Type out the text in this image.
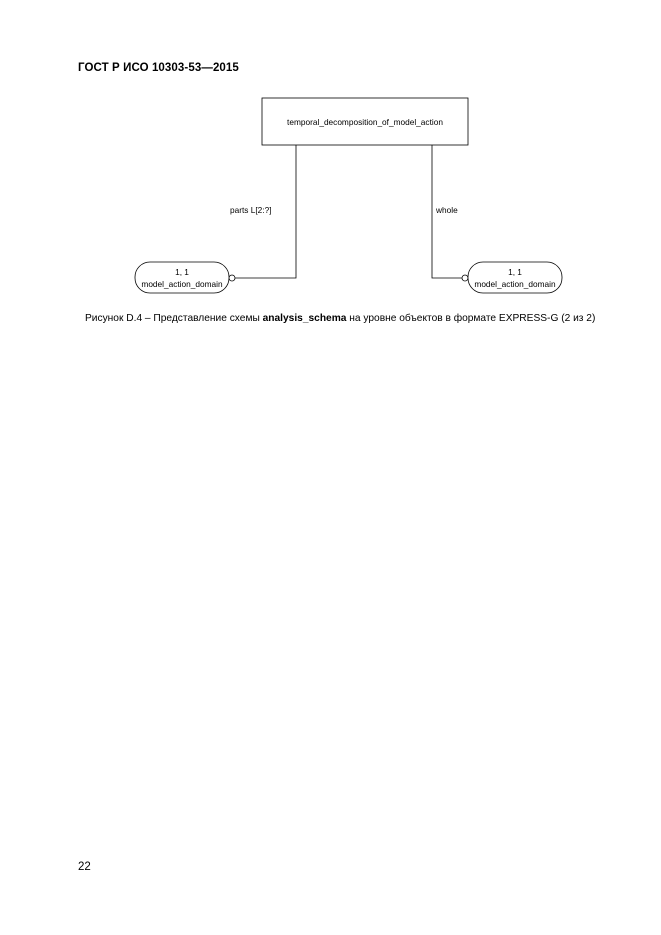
ГОСТ Р ИСО 10303-53—2015
temporal_decomposition_of_model_action
parts L[2:?]	whole
1, 1
model_action_domain
1, 1
model_action_domain
Рисунок D.4 – Представление схемы analysis_schema на уровне объектов в формате EXPRESS-G (2 из 2)
22
